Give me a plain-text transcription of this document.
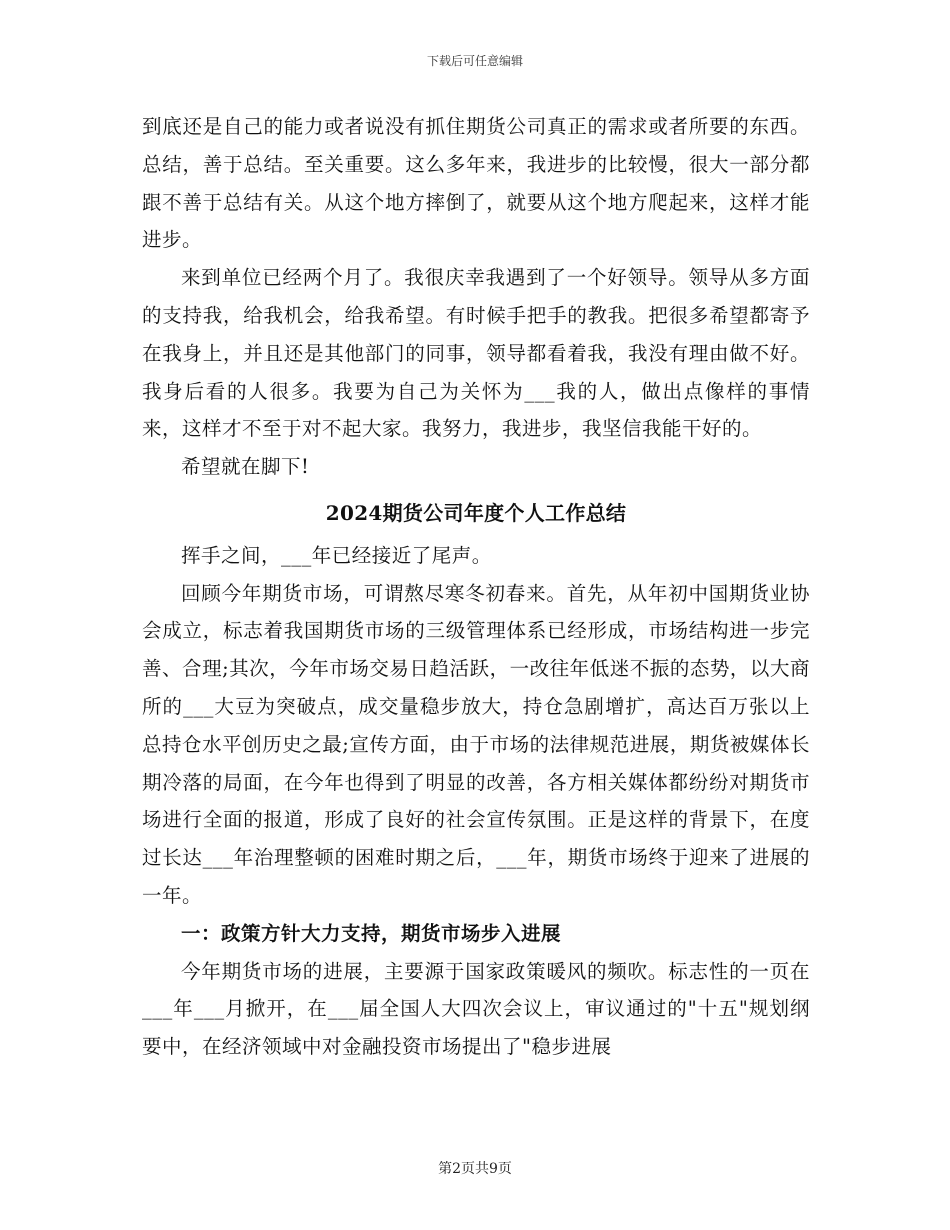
下载后可任意编辑

到底还是自己的能力或者说没有抓住期货公司真正的需求或者所要的东西。总结，善于总结。至关重要。这么多年来，我进步的比较慢，很大一部分都跟不善于总结有关。从这个地方摔倒了，就要从这个地方爬起来，这样才能进步。

来到单位已经两个月了。我很庆幸我遇到了一个好领导。领导从多方面的支持我，给我机会，给我希望。有时候手把手的教我。把很多希望都寄予在我身上，并且还是其他部门的同事，领导都看着我，我没有理由做不好。我身后看的人很多。我要为自己为关怀为___我的人，做出点像样的事情来，这样才不至于对不起大家。我努力，我进步，我坚信我能干好的。

希望就在脚下!

2024期货公司年度个人工作总结

挥手之间，___年已经接近了尾声。

回顾今年期货市场，可谓熬尽寒冬初春来。首先，从年初中国期货业协会成立，标志着我国期货市场的三级管理体系已经形成，市场结构进一步完善、合理;其次，今年市场交易日趋活跃，一改往年低迷不振的态势，以大商所的___大豆为突破点，成交量稳步放大，持仓急剧增扩，高达百万张以上总持仓水平创历史之最;宣传方面，由于市场的法律规范进展，期货被媒体长期冷落的局面，在今年也得到了明显的改善，各方相关媒体都纷纷对期货市场进行全面的报道，形成了良好的社会宣传氛围。正是这样的背景下，在度过长达___年治理整顿的困难时期之后，___年，期货市场终于迎来了进展的一年。

一：政策方针大力支持，期货市场步入进展

今年期货市场的进展，主要源于国家政策暖风的频吹。标志性的一页在___年___月掀开，在___届全国人大四次会议上，审议通过的"十五"规划纲要中，在经济领域中对金融投资市场提出了"稳步进展

第2页共9页
